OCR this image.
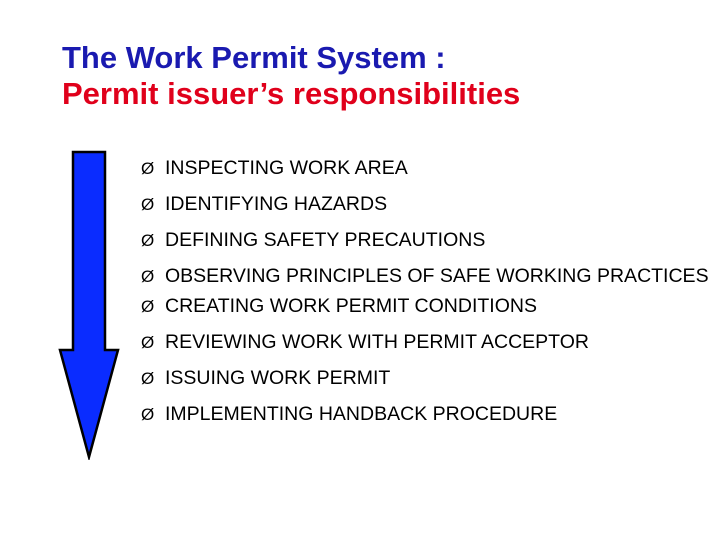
The Work Permit System :
Permit issuer’s responsibilities
Ø INSPECTING WORK AREA
Ø IDENTIFYING HAZARDS
Ø DEFINING SAFETY PRECAUTIONS
Ø OBSERVING PRINCIPLES OF SAFE WORKING PRACTICES
Ø CREATING WORK PERMIT CONDITIONS
Ø REVIEWING WORK WITH PERMIT ACCEPTOR
Ø ISSUING WORK PERMIT
Ø IMPLEMENTING HANDBACK PROCEDURE
